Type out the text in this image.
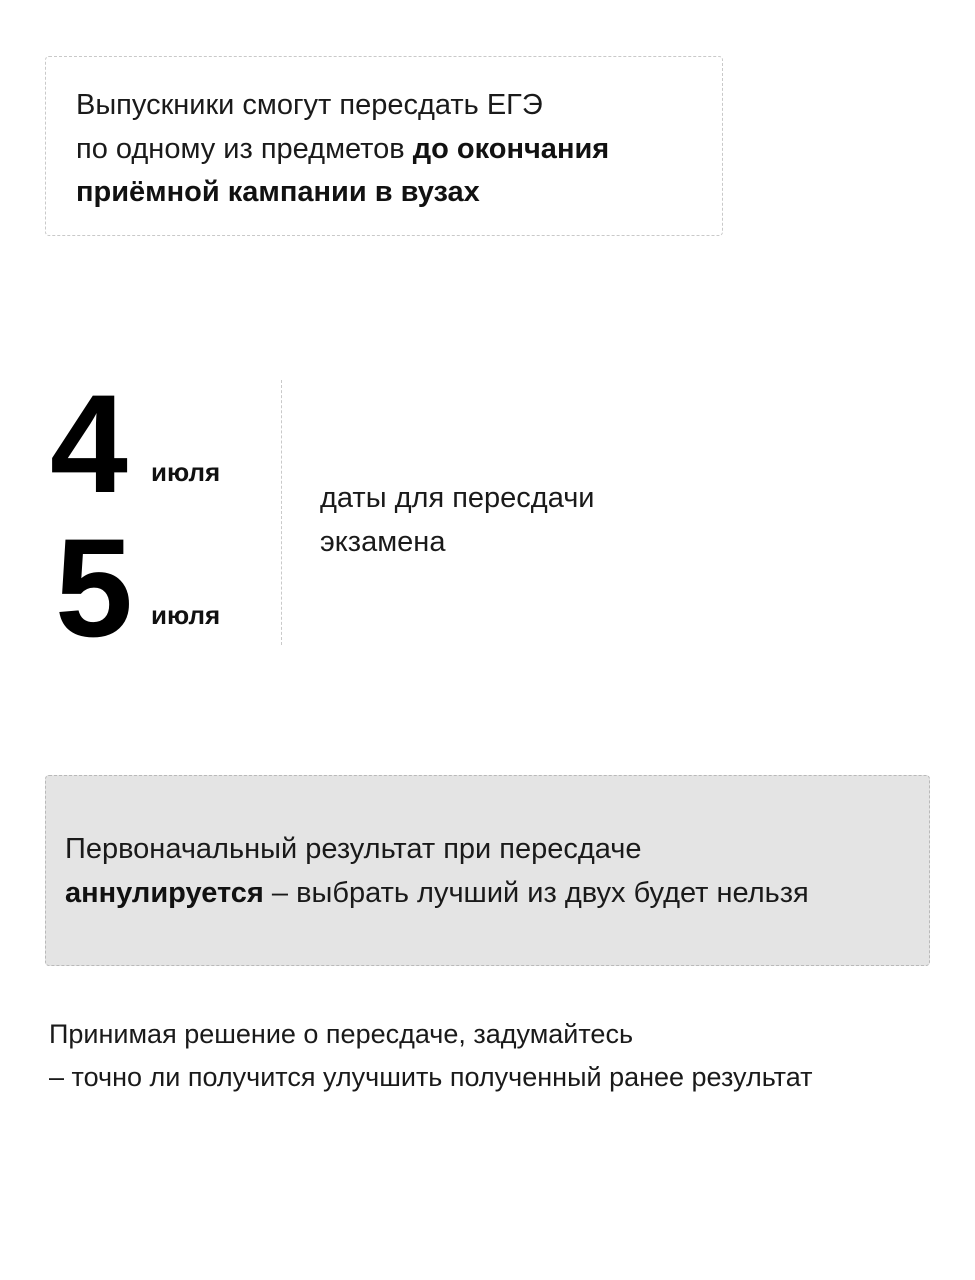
Выпускники смогут пересдать ЕГЭ
по одному из предметов до окончания
приёмной кампании в вузах
4 июля
5 июля
даты для пересдачи
экзамена
Первоначальный результат при пересдаче
аннулируется – выбрать лучший из двух будет нельзя
Принимая решение о пересдаче, задумайтесь
– точно ли получится улучшить полученный ранее результат
